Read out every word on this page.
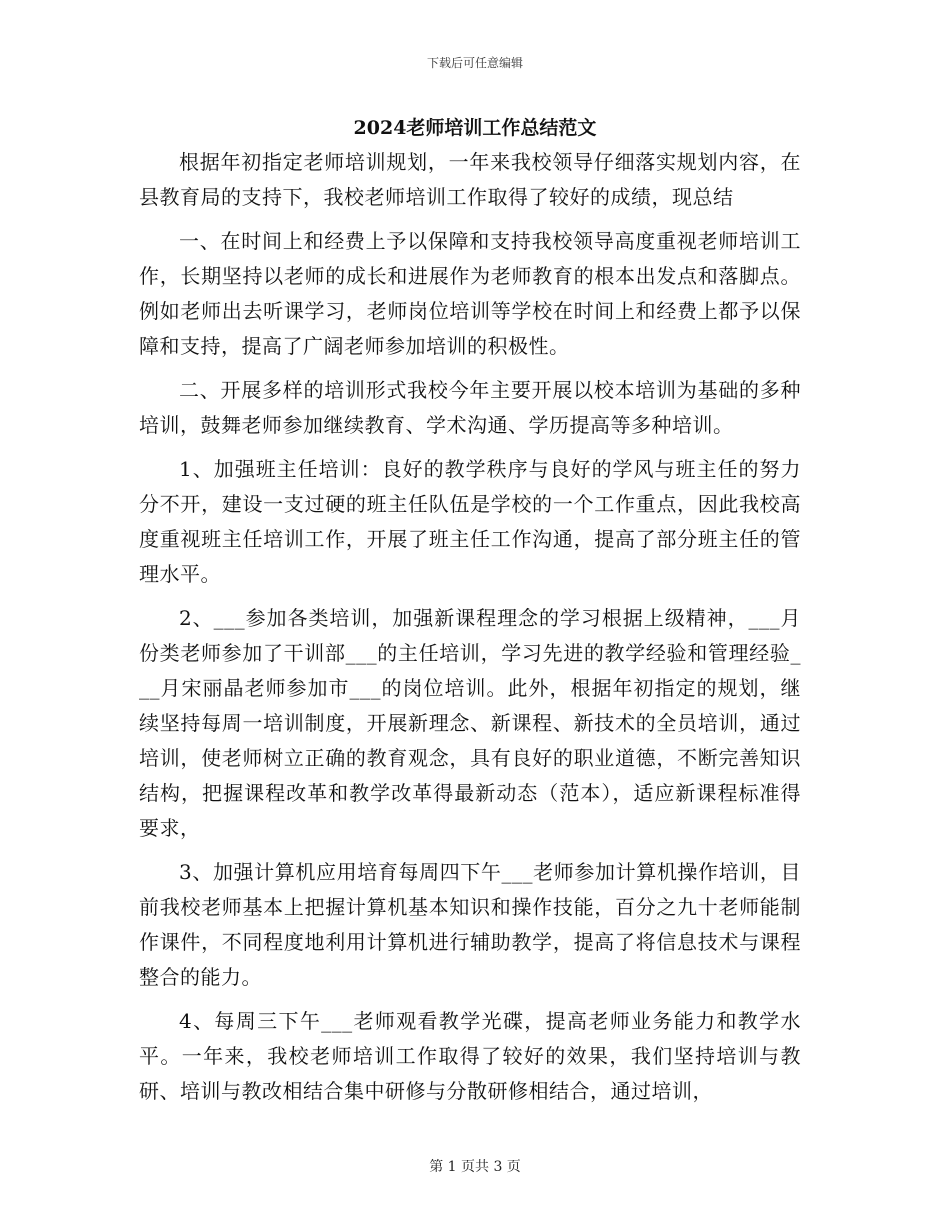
下载后可任意编辑
2024老师培训工作总结范文

根据年初指定老师培训规划，一年来我校领导仔细落实规划内容，在县教育局的支持下，我校老师培训工作取得了较好的成绩，现总结

一、在时间上和经费上予以保障和支持我校领导高度重视老师培训工作，长期坚持以老师的成长和进展作为老师教育的根本出发点和落脚点。例如老师出去听课学习，老师岗位培训等学校在时间上和经费上都予以保障和支持，提高了广阔老师参加培训的积极性。

二、开展多样的培训形式我校今年主要开展以校本培训为基础的多种培训，鼓舞老师参加继续教育、学术沟通、学历提高等多种培训。

1、加强班主任培训：良好的教学秩序与良好的学风与班主任的努力分不开，建设一支过硬的班主任队伍是学校的一个工作重点，因此我校高度重视班主任培训工作，开展了班主任工作沟通，提高了部分班主任的管理水平。

2、___参加各类培训，加强新课程理念的学习根据上级精神，___月份类老师参加了干训部___的主任培训，学习先进的教学经验和管理经验___月宋丽晶老师参加市___的岗位培训。此外，根据年初指定的规划，继续坚持每周一培训制度，开展新理念、新课程、新技术的全员培训，通过培训，使老师树立正确的教育观念，具有良好的职业道德，不断完善知识结构，把握课程改革和教学改革得最新动态（范本），适应新课程标准得要求，

3、加强计算机应用培育每周四下午___老师参加计算机操作培训，目前我校老师基本上把握计算机基本知识和操作技能，百分之九十老师能制作课件，不同程度地利用计算机进行辅助教学，提高了将信息技术与课程整合的能力。

4、每周三下午___老师观看教学光碟，提高老师业务能力和教学水平。一年来，我校老师培训工作取得了较好的效果，我们坚持培训与教研、培训与教改相结合集中研修与分散研修相结合，通过培训，

第 1 页共 3 页
